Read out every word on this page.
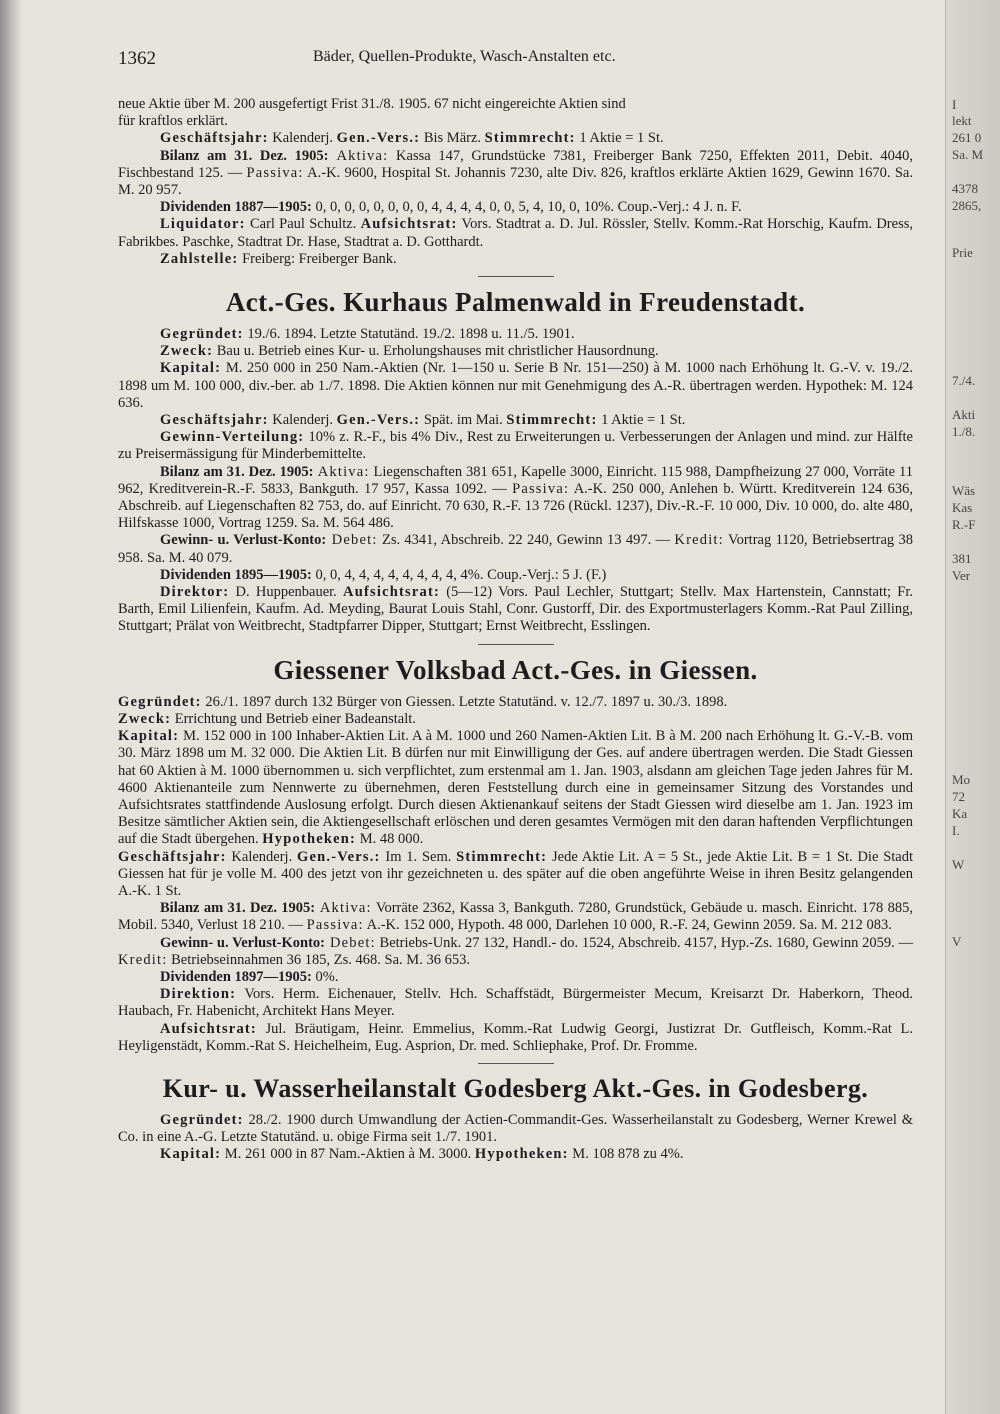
I
lekt
261 0
Sa. M
4378
2865,
Prie
7./4.
Akti
1./8.
Wäs
Kas
R.-F
381
Ver
Mo
72
Ka
I.
W
V
1362	Bäder, Quellen-Produkte, Wasch-Anstalten etc.

neue Aktie über M. 200 ausgefertigt Frist 31./8. 1905. 67 nicht eingereichte Aktien sind

für kraftlos erklärt.

Geschäftsjahr: Kalenderj. Gen.-Vers.: Bis März. Stimmrecht: 1 Aktie = 1 St.

Bilanz am 31. Dez. 1905: Aktiva: Kassa 147, Grundstücke 7381, Freiberger Bank 7250, Effekten 2011, Debit. 4040, Fischbestand 125. — Passiva: A.-K. 9600, Hospital St. Johannis 7230, alte Div. 826, kraftlos erklärte Aktien 1629, Gewinn 1670. Sa. M. 20 957.

Dividenden 1887—1905: 0, 0, 0, 0, 0, 0, 0, 0, 4, 4, 4, 4, 0, 0, 5, 4, 10, 0, 10%. Coup.-Verj.: 4 J. n. F.

Liquidator: Carl Paul Schultz. Aufsichtsrat: Vors. Stadtrat a. D. Jul. Rössler, Stellv. Komm.-Rat Horschig, Kaufm. Dress, Fabrikbes. Paschke, Stadtrat Dr. Hase, Stadtrat a. D. Gotthardt.

Zahlstelle: Freiberg: Freiberger Bank.

Act.-Ges. Kurhaus Palmenwald in Freudenstadt.

Gegründet: 19./6. 1894. Letzte Statutänd. 19./2. 1898 u. 11./5. 1901.

Zweck: Bau u. Betrieb eines Kur- u. Erholungshauses mit christlicher Hausordnung.

Kapital: M. 250 000 in 250 Nam.-Aktien (Nr. 1—150 u. Serie B Nr. 151—250) à M. 1000 nach Erhöhung lt. G.-V. v. 19./2. 1898 um M. 100 000, div.-ber. ab 1./7. 1898. Die Aktien können nur mit Genehmigung des A.-R. übertragen werden. Hypothek: M. 124 636.

Geschäftsjahr: Kalenderj. Gen.-Vers.: Spät. im Mai. Stimmrecht: 1 Aktie = 1 St.

Gewinn-Verteilung: 10% z. R.-F., bis 4% Div., Rest zu Erweiterungen u. Verbesserungen der Anlagen und mind. zur Hälfte zu Preisermässigung für Minderbemittelte.

Bilanz am 31. Dez. 1905: Aktiva: Liegenschaften 381 651, Kapelle 3000, Einricht. 115 988, Dampfheizung 27 000, Vorräte 11 962, Kreditverein-R.-F. 5833, Bankguth. 17 957, Kassa 1092. — Passiva: A.-K. 250 000, Anlehen b. Württ. Kreditverein 124 636, Abschreib. auf Liegenschaften 82 753, do. auf Einricht. 70 630, R.-F. 13 726 (Rückl. 1237), Div.-R.-F. 10 000, Div. 10 000, do. alte 480, Hilfskasse 1000, Vortrag 1259. Sa. M. 564 486.

Gewinn- u. Verlust-Konto: Debet: Zs. 4341, Abschreib. 22 240, Gewinn 13 497. — Kredit: Vortrag 1120, Betriebsertrag 38 958. Sa. M. 40 079.

Dividenden 1895—1905: 0, 0, 4, 4, 4, 4, 4, 4, 4, 4, 4%. Coup.-Verj.: 5 J. (F.)

Direktor: D. Huppenbauer. Aufsichtsrat: (5—12) Vors. Paul Lechler, Stuttgart; Stellv. Max Hartenstein, Cannstatt; Fr. Barth, Emil Lilienfein, Kaufm. Ad. Meyding, Baurat Louis Stahl, Conr. Gustorff, Dir. des Exportmusterlagers Komm.-Rat Paul Zilling, Stuttgart; Prälat von Weitbrecht, Stadtpfarrer Dipper, Stuttgart; Ernst Weitbrecht, Esslingen.

Giessener Volksbad Act.-Ges. in Giessen.

Gegründet: 26./1. 1897 durch 132 Bürger von Giessen. Letzte Statutänd. v. 12./7. 1897 u. 30./3. 1898.

Zweck: Errichtung und Betrieb einer Badeanstalt.

Kapital: M. 152 000 in 100 Inhaber-Aktien Lit. A à M. 1000 und 260 Namen-Aktien Lit. B à M. 200 nach Erhöhung lt. G.-V.-B. vom 30. März 1898 um M. 32 000. Die Aktien Lit. B dürfen nur mit Einwilligung der Ges. auf andere übertragen werden. Die Stadt Giessen hat 60 Aktien à M. 1000 übernommen u. sich verpflichtet, zum erstenmal am 1. Jan. 1903, alsdann am gleichen Tage jeden Jahres für M. 4600 Aktienanteile zum Nennwerte zu übernehmen, deren Feststellung durch eine in gemeinsamer Sitzung des Vorstandes und Aufsichtsrates stattfindende Auslosung erfolgt. Durch diesen Aktienankauf seitens der Stadt Giessen wird dieselbe am 1. Jan. 1923 im Besitze sämtlicher Aktien sein, die Aktiengesellschaft erlöschen und deren gesamtes Vermögen mit den daran haftenden Verpflichtungen auf die Stadt übergehen. Hypotheken: M. 48 000.

Geschäftsjahr: Kalenderj. Gen.-Vers.: Im 1. Sem. Stimmrecht: Jede Aktie Lit. A = 5 St., jede Aktie Lit. B = 1 St. Die Stadt Giessen hat für je volle M. 400 des jetzt von ihr gezeichneten u. des später auf die oben angeführte Weise in ihren Besitz gelangenden A.-K. 1 St.

Bilanz am 31. Dez. 1905: Aktiva: Vorräte 2362, Kassa 3, Bankguth. 7280, Grundstück, Gebäude u. masch. Einricht. 178 885, Mobil. 5340, Verlust 18 210. — Passiva: A.-K. 152 000, Hypoth. 48 000, Darlehen 10 000, R.-F. 24, Gewinn 2059. Sa. M. 212 083.

Gewinn- u. Verlust-Konto: Debet: Betriebs-Unk. 27 132, Handl.- do. 1524, Abschreib. 4157, Hyp.-Zs. 1680, Gewinn 2059. — Kredit: Betriebseinnahmen 36 185, Zs. 468. Sa. M. 36 653.

Dividenden 1897—1905: 0%.

Direktion: Vors. Herm. Eichenauer, Stellv. Hch. Schaffstädt, Bürgermeister Mecum, Kreisarzt Dr. Haberkorn, Theod. Haubach, Fr. Habenicht, Architekt Hans Meyer.

Aufsichtsrat: Jul. Bräutigam, Heinr. Emmelius, Komm.-Rat Ludwig Georgi, Justizrat Dr. Gutfleisch, Komm.-Rat L. Heyligenstädt, Komm.-Rat S. Heichelheim, Eug. Asprion, Dr. med. Schliephake, Prof. Dr. Fromme.

Kur- u. Wasserheilanstalt Godesberg Akt.-Ges. in Godesberg.

Gegründet: 28./2. 1900 durch Umwandlung der Actien-Commandit-Ges. Wasserheilanstalt zu Godesberg, Werner Krewel & Co. in eine A.-G. Letzte Statutänd. u. obige Firma seit 1./7. 1901.

Kapital: M. 261 000 in 87 Nam.-Aktien à M. 3000. Hypotheken: M. 108 878 zu 4%.
